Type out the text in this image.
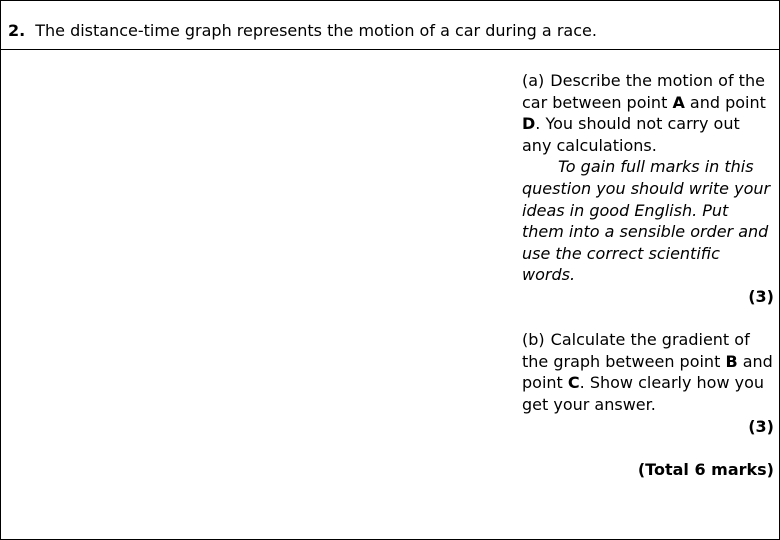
2. The distance-time graph represents the motion of a car during a race.

(a) Describe the motion of the car between point A and point D. You should not carry out any calculations.

To gain full marks in this question you should write your ideas in good English. Put them into a sensible order and use the correct scientific words.

(3)

(b) Calculate the gradient of the graph between point B and point C. Show clearly how you get your answer.

(3)

(Total 6 marks)
